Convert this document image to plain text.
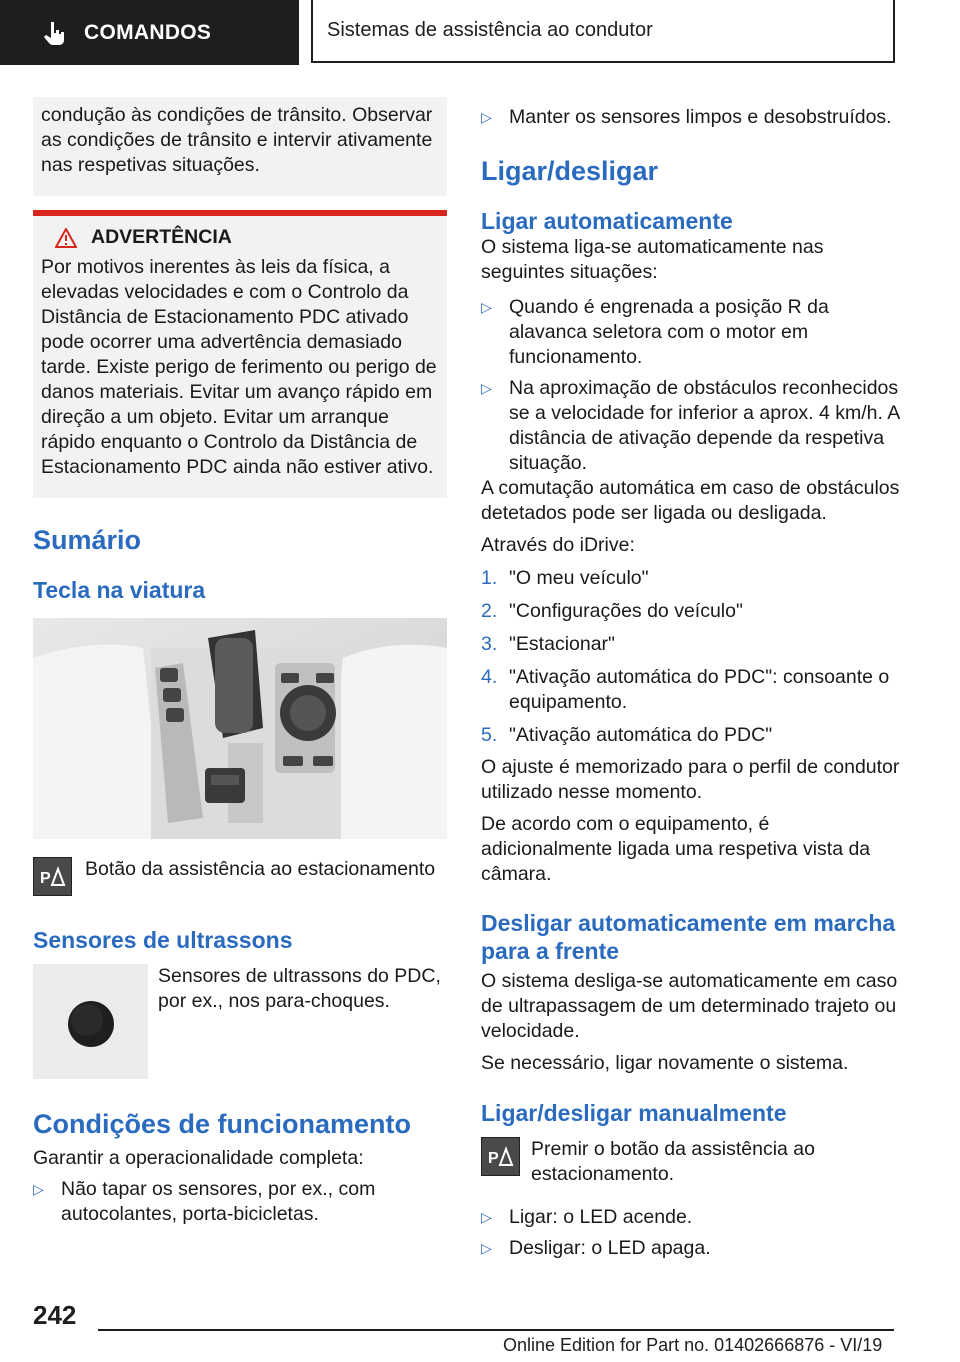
COMANDOS	Sistemas de assistência ao condutor
condução às condições de trânsito. Observar as condições de trânsito e intervir ativamente nas respetivas situações.
ADVERTÊNCIA

Por motivos inerentes às leis da física, a elevadas velocidades e com o Controlo da Distância de Estacionamento PDC ativado pode ocorrer uma advertência demasiado tarde. Existe perigo de ferimento ou perigo de danos materiais. Evitar um avanço rápido em direção a um objeto. Evitar um arranque rápido enquanto o Controlo da Distância de Estacionamento PDC ainda não estiver ativo.

Sumário
Tecla na viatura
P Botão da assistência ao estacionamento

Sensores de ultrassons

Sensores de ultrassons do PDC, por ex., nos para-choques.

Condições de funcionamento

Garantir a operacionalidade completa:

▷ Não tapar os sensores, por ex., com autocolantes, porta-bicicletas.
▷ Manter os sensores limpos e desobstruídos.
Ligar/desligar
Ligar automaticamente

O sistema liga-se automaticamente nas seguintes situações:

▷ Quando é engrenada a posição R da alavanca seletora com o motor em funcionamento.
▷ Na aproximação de obstáculos reconhecidos se a velocidade for inferior a aprox. 4 km/h. A distância de ativação depende da respetiva situação.

A comutação automática em caso de obstáculos detetados pode ser ligada ou desligada.

Através do iDrive:

1. "O meu veículo"
2. "Configurações do veículo"
3. "Estacionar"
4. "Ativação automática do PDC": consoante o equipamento.
5. "Ativação automática do PDC"

O ajuste é memorizado para o perfil de condutor utilizado nesse momento.

De acordo com o equipamento, é adicionalmente ligada uma respetiva vista da câmara.

Desligar automaticamente em marcha para a frente

O sistema desliga-se automaticamente em caso de ultrapassagem de um determinado trajeto ou velocidade.

Se necessário, ligar novamente o sistema.

Ligar/desligar manualmente
P Premir o botão da assistência ao estacionamento.

▷ Ligar: o LED acende.
▷ Desligar: o LED apaga.
242
Online Edition for Part no. 01402666876 - VI/19
